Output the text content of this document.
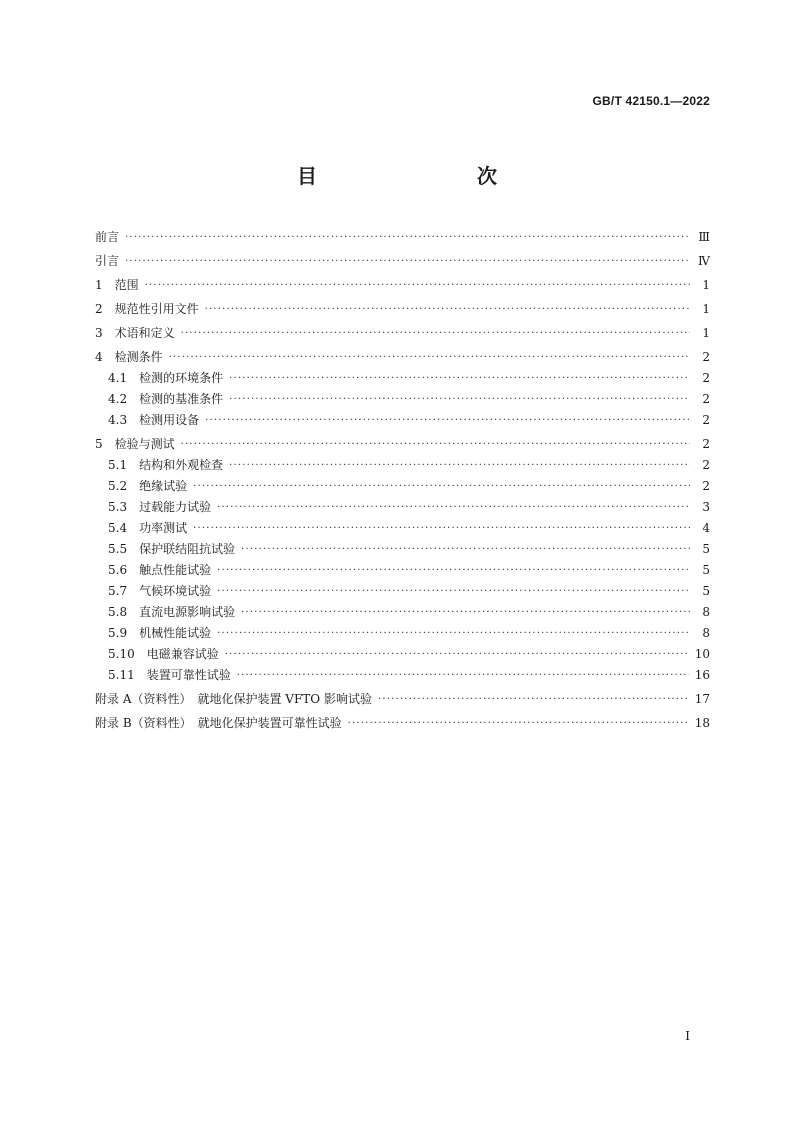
GB/T 42150.1—2022
目　　次
前言 ·····	Ⅲ
引言 ·····	Ⅳ
1 范围 ·····	1
2 规范性引用文件 ·····	1
3 术语和定义 ·····	1
4 检测条件 ·····	2
4.1 检测的环境条件 ·····	2
4.2 检测的基准条件 ·····	2
4.3 检测用设备 ·····	2
5 检验与测试 ·····	2
5.1 结构和外观检查 ·····	2
5.2 绝缘试验 ·····	2
5.3 过载能力试验 ·····	3
5.4 功率测试 ·····	4
5.5 保护联结阻抗试验 ·····	5
5.6 触点性能试验 ·····	5
5.7 气候环境试验 ·····	5
5.8 直流电源影响试验 ·····	8
5.9 机械性能试验 ·····	8
5.10 电磁兼容试验 ·····	10
5.11 装置可靠性试验 ·····	16
附录 A（资料性）　就地化保护装置 VFTO 影响试验 ·····	17
附录 B（资料性）　就地化保护装置可靠性试验 ·····	18
I
